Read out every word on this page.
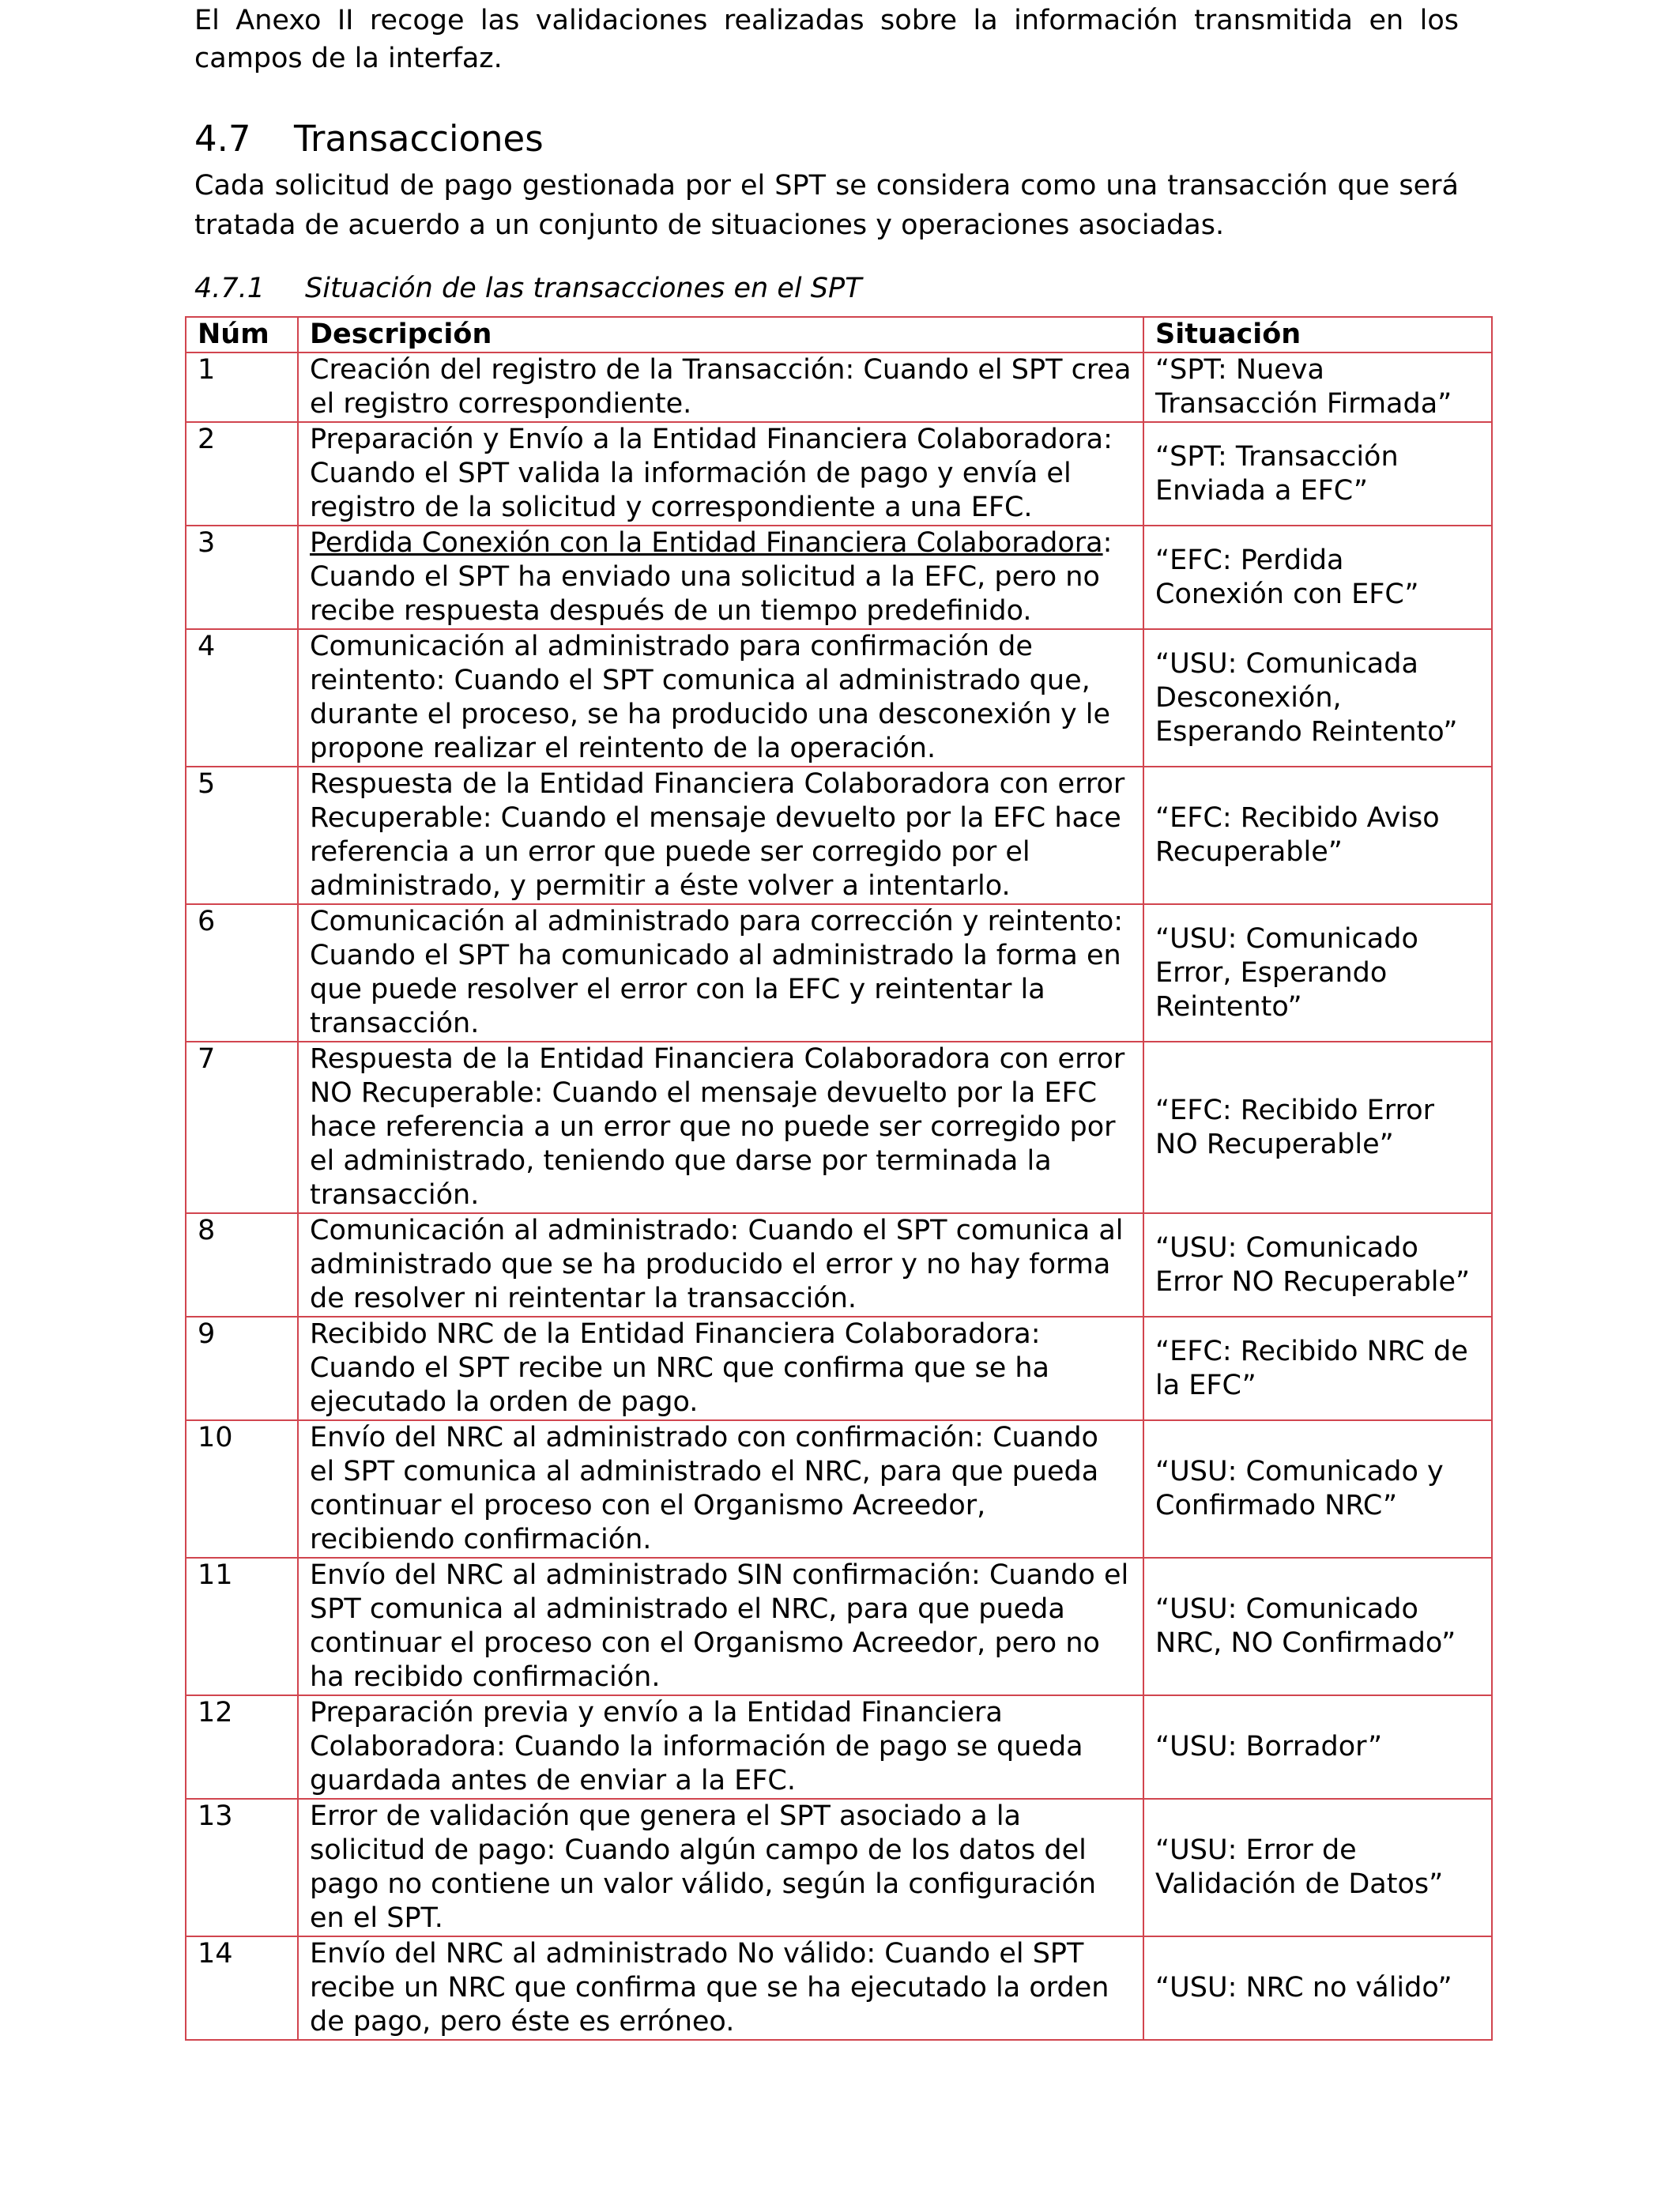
El Anexo II recoge las validaciones realizadas sobre la información transmitida en los campos de la interfaz.

4.7	Transacciones

Cada solicitud de pago gestionada por el SPT se considera como una transacción que será tratada de acuerdo a un conjunto de situaciones y operaciones asociadas.

4.7.1	Situación de las transacciones en el SPT
Núm	Descripción	Situación
1	Creación del registro de la Transacción: Cuando el SPT crea el registro correspondiente.	“SPT: Nueva Transacción Firmada”
2	Preparación y Envío a la Entidad Financiera Colaboradora: Cuando el SPT valida la información de pago y envía el registro de la solicitud y correspondiente a una EFC.	“SPT: Transacción Enviada a EFC”
3	Perdida Conexión con la Entidad Financiera Colaboradora: Cuando el SPT ha enviado una solicitud a la EFC, pero no recibe respuesta después de un tiempo predefinido.	“EFC: Perdida Conexión con EFC”
4	Comunicación al administrado para confirmación de reintento: Cuando el SPT comunica al administrado que, durante el proceso, se ha producido una desconexión y le propone realizar el reintento de la operación.	“USU: Comunicada Desconexión, Esperando Reintento”
5	Respuesta de la Entidad Financiera Colaboradora con error Recuperable: Cuando el mensaje devuelto por la EFC hace referencia a un error que puede ser corregido por el administrado, y permitir a éste volver a intentarlo.	“EFC: Recibido Aviso Recuperable”
6	Comunicación al administrado para corrección y reintento: Cuando el SPT ha comunicado al administrado la forma en que puede resolver el error con la EFC y reintentar la transacción.	“USU: Comunicado Error, Esperando Reintento”
7	Respuesta de la Entidad Financiera Colaboradora con error NO Recuperable: Cuando el mensaje devuelto por la EFC hace referencia a un error que no puede ser corregido por el administrado, teniendo que darse por terminada la transacción.	“EFC: Recibido Error NO Recuperable”
8	Comunicación al administrado: Cuando el SPT comunica al administrado que se ha producido el error y no hay forma de resolver ni reintentar la transacción.	“USU: Comunicado Error NO Recuperable”
9	Recibido NRC de la Entidad Financiera Colaboradora: Cuando el SPT recibe un NRC que confirma que se ha ejecutado la orden de pago.	“EFC: Recibido NRC de la EFC”
10	Envío del NRC al administrado con confirmación: Cuando el SPT comunica al administrado el NRC, para que pueda continuar el proceso con el Organismo Acreedor, recibiendo confirmación.	“USU: Comunicado y Confirmado NRC”
11	Envío del NRC al administrado SIN confirmación: Cuando el SPT comunica al administrado el NRC, para que pueda continuar el proceso con el Organismo Acreedor, pero no ha recibido confirmación.	“USU: Comunicado NRC, NO Confirmado”
12	Preparación previa y envío a la Entidad Financiera Colaboradora: Cuando la información de pago se queda guardada antes de enviar a la EFC.	“USU: Borrador”
13	Error de validación que genera el SPT asociado a la solicitud de pago: Cuando algún campo de los datos del pago no contiene un valor válido, según la configuración en el SPT.	“USU: Error de Validación de Datos”
14	Envío del NRC al administrado No válido: Cuando el SPT recibe un NRC que confirma que se ha ejecutado la orden de pago, pero éste es erróneo.	“USU: NRC no válido”
